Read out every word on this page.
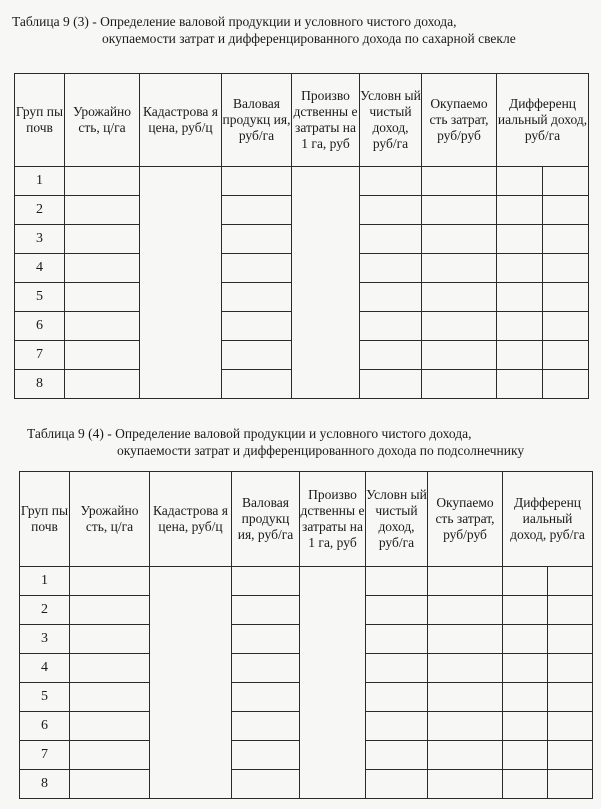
Таблица 9 (3) - Определение валовой продукции и условного чистого дохода,
окупаемости затрат и дифференцированного дохода по сахарной свекле
Груп пы почв	Урожайно сть, ц/га	Кадастрова я цена, руб/ц	Валовая продукц ия, руб/га	Произво дственны е затраты на 1 га, руб	Условн ый чистый доход, руб/га	Окупаемо сть затрат, руб/руб	Дифференц иальный доход, руб/га	
1								
2								
3								
4								
5								
6								
7								
8								
Таблица 9 (4) - Определение валовой продукции и условного чистого дохода,
окупаемости затрат и дифференцированного дохода по подсолнечнику
Груп пы почв	Урожайно сть, ц/га	Кадастрова я цена, руб/ц	Валовая продукц ия, руб/га	Произво дственны е затраты на 1 га, руб	Условн ый чистый доход, руб/га	Окупаемо сть затрат, руб/руб	Дифференц иальный доход, руб/га	
1								
2								
3								
4								
5								
6								
7								
8								
